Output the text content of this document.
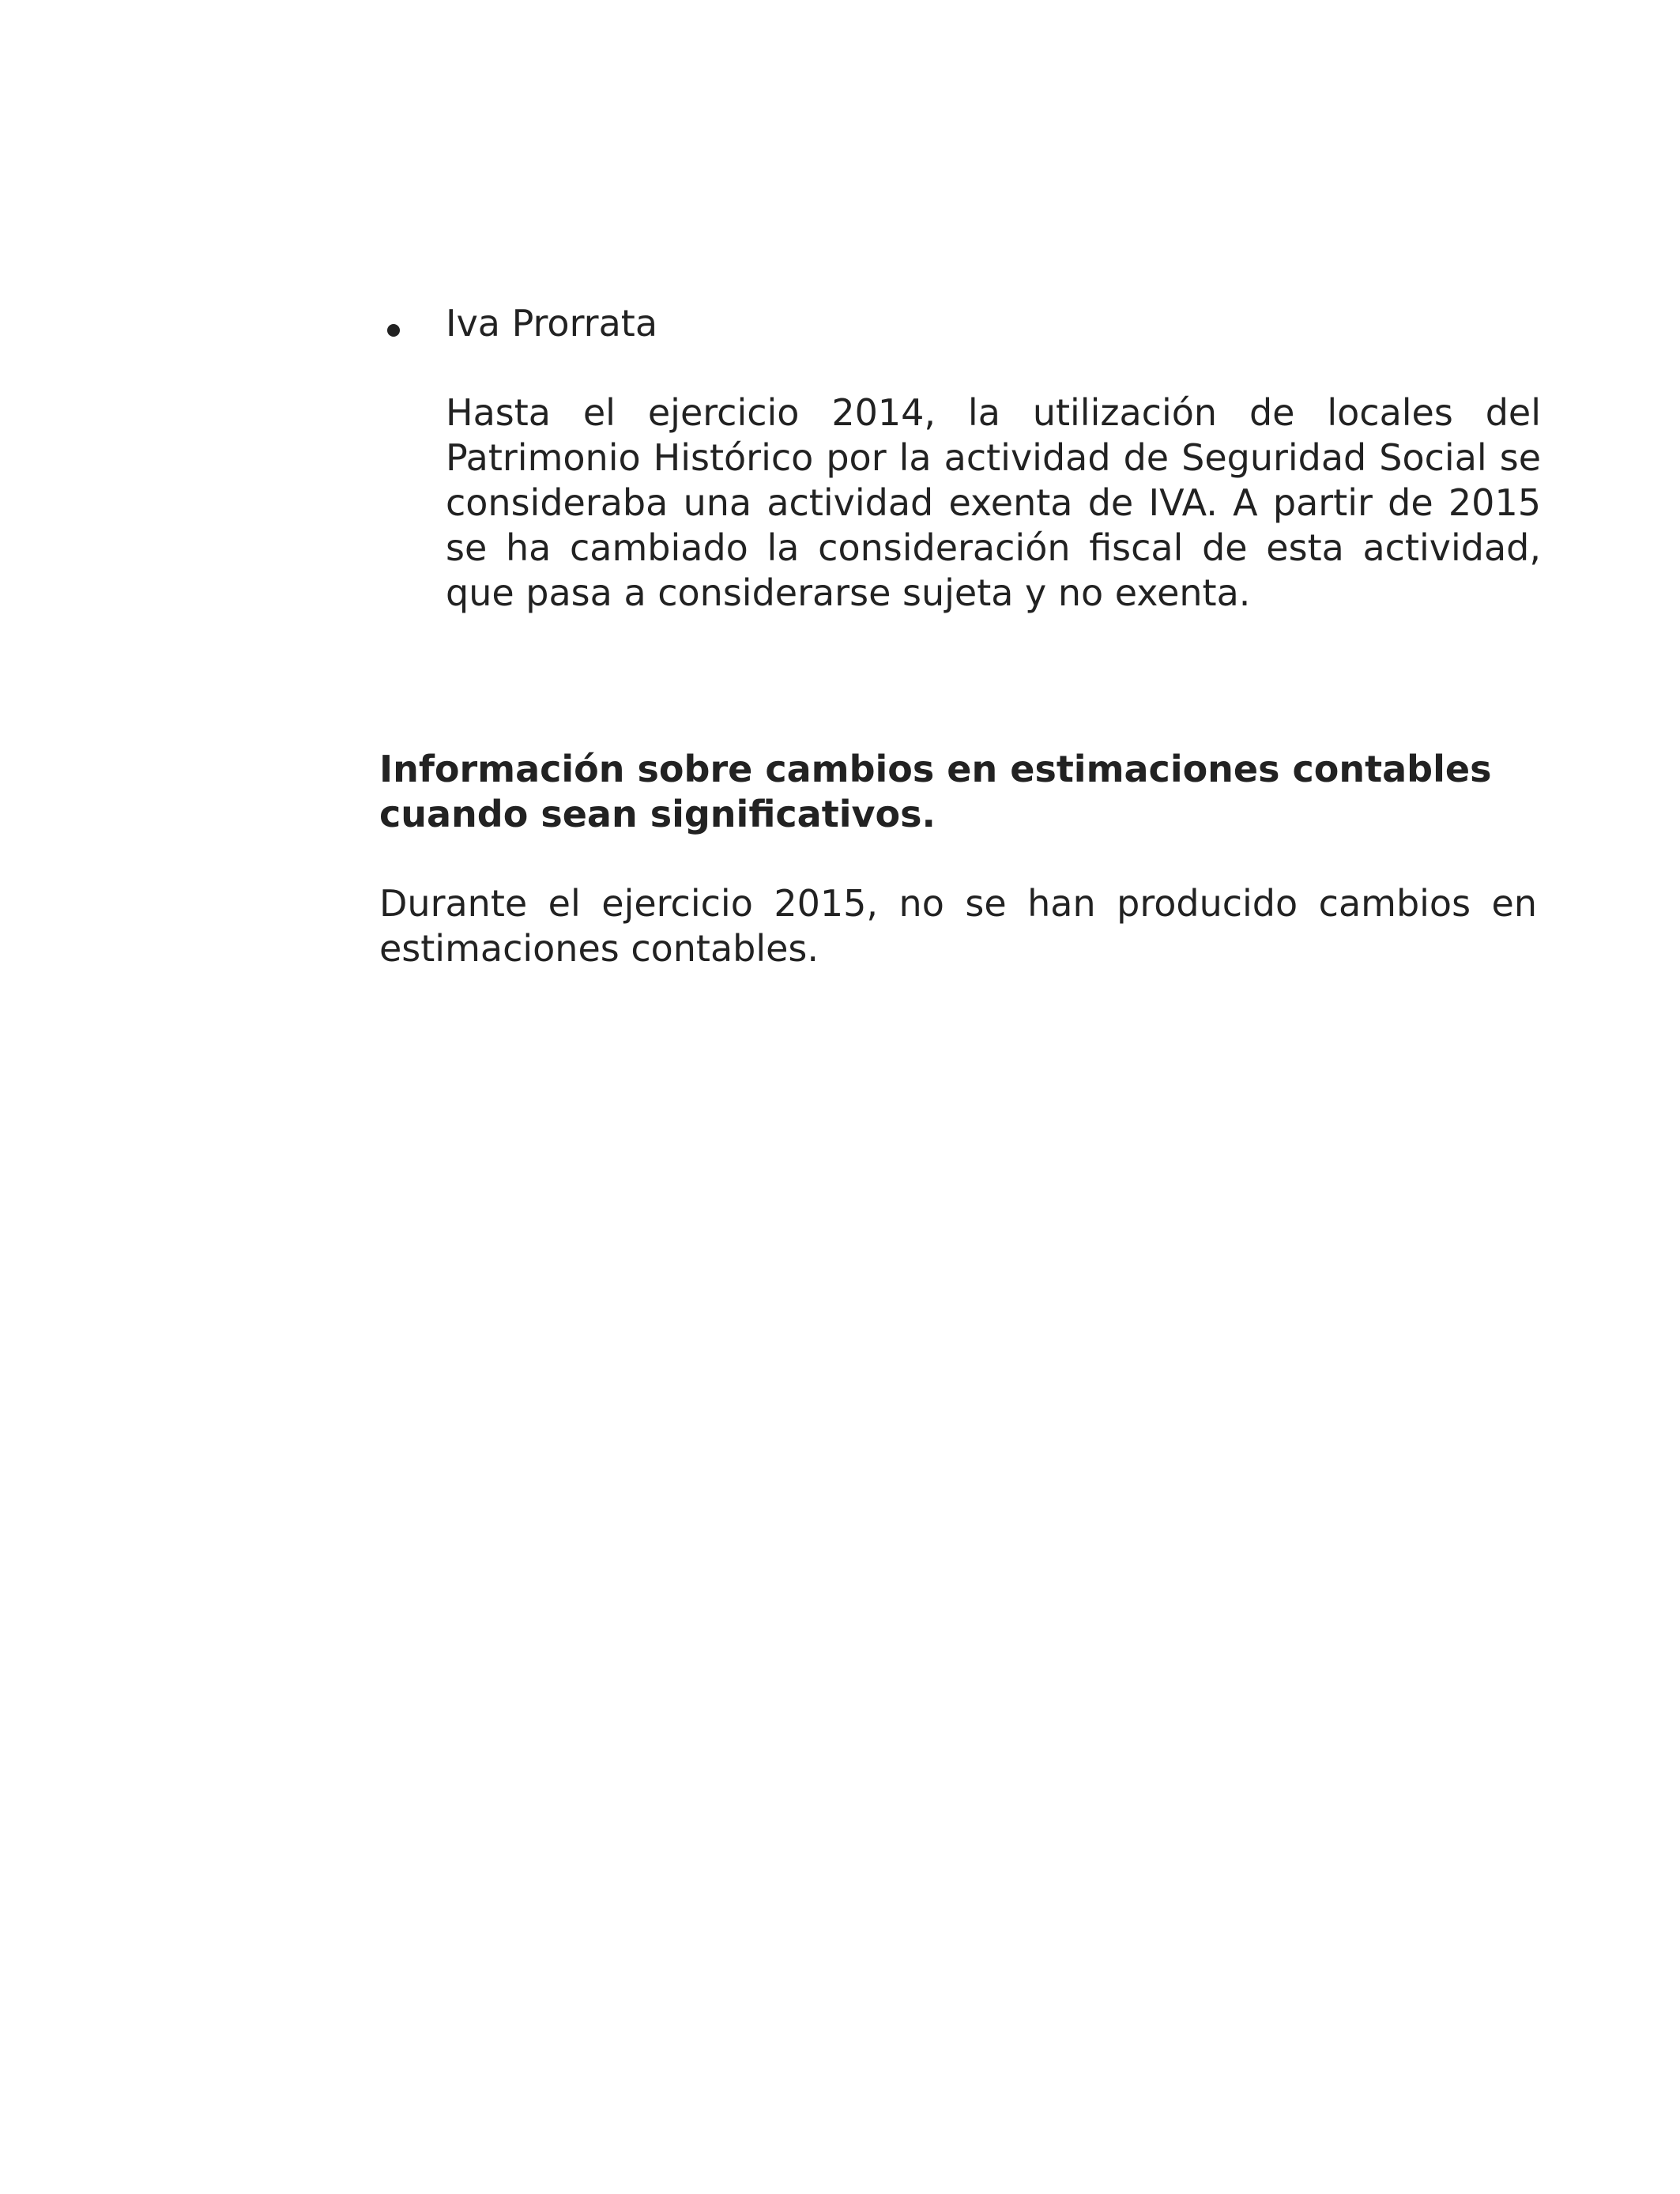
Iva Prorrata

Hasta el ejercicio 2014, la utilización de locales del Patrimonio Histórico por la actividad de Seguridad Social se consideraba una actividad exenta de IVA. A partir de 2015 se ha cambiado la consideración fiscal de esta actividad, que pasa a considerarse sujeta y no exenta.

Información sobre cambios en estimaciones contables cuando sean significativos.

Durante el ejercicio 2015, no se han producido cambios en estimaciones contables.
